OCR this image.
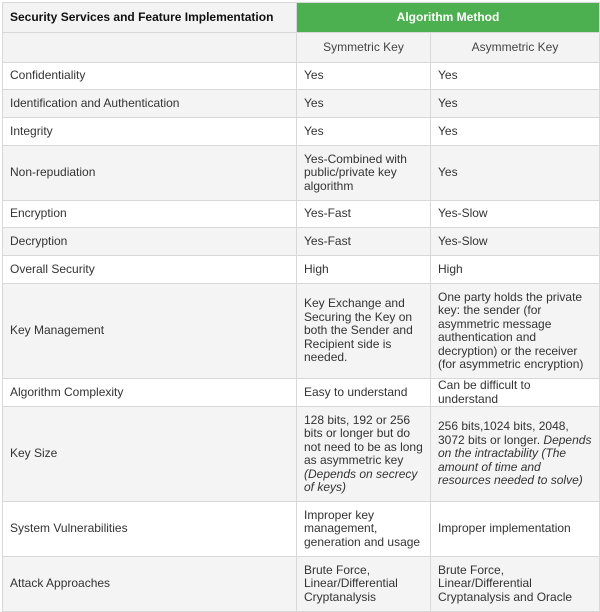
Security Services and Feature Implementation	Algorithm Method	
	Symmetric Key	Asymmetric Key
Confidentiality	Yes	Yes
Identification and Authentication	Yes	Yes
Integrity	Yes	Yes
Non-repudiation	Yes-Combined with public/private key algorithm	Yes
Encryption	Yes-Fast	Yes-Slow
Decryption	Yes-Fast	Yes-Slow
Overall Security	High	High
Key Management	Key Exchange and Securing the Key on both the Sender and Recipient side is needed.	One party holds the private key: the sender (for asymmetric message authentication and decryption) or the receiver (for asymmetric encryption)
Algorithm Complexity	Easy to understand	Can be difficult to understand
Key Size	128 bits, 192 or 256 bits or longer but do not need to be as long as asymmetric key (Depends on secrecy of keys)	256 bits,1024 bits, 2048, 3072 bits or longer. Depends on the intractability (The amount of time and resources needed to solve)
System Vulnerabilities	Improper key management, generation and usage	Improper implementation
Attack Approaches	Brute Force, Linear/Differential Cryptanalysis	Brute Force, Linear/Differential Cryptanalysis and Oracle
